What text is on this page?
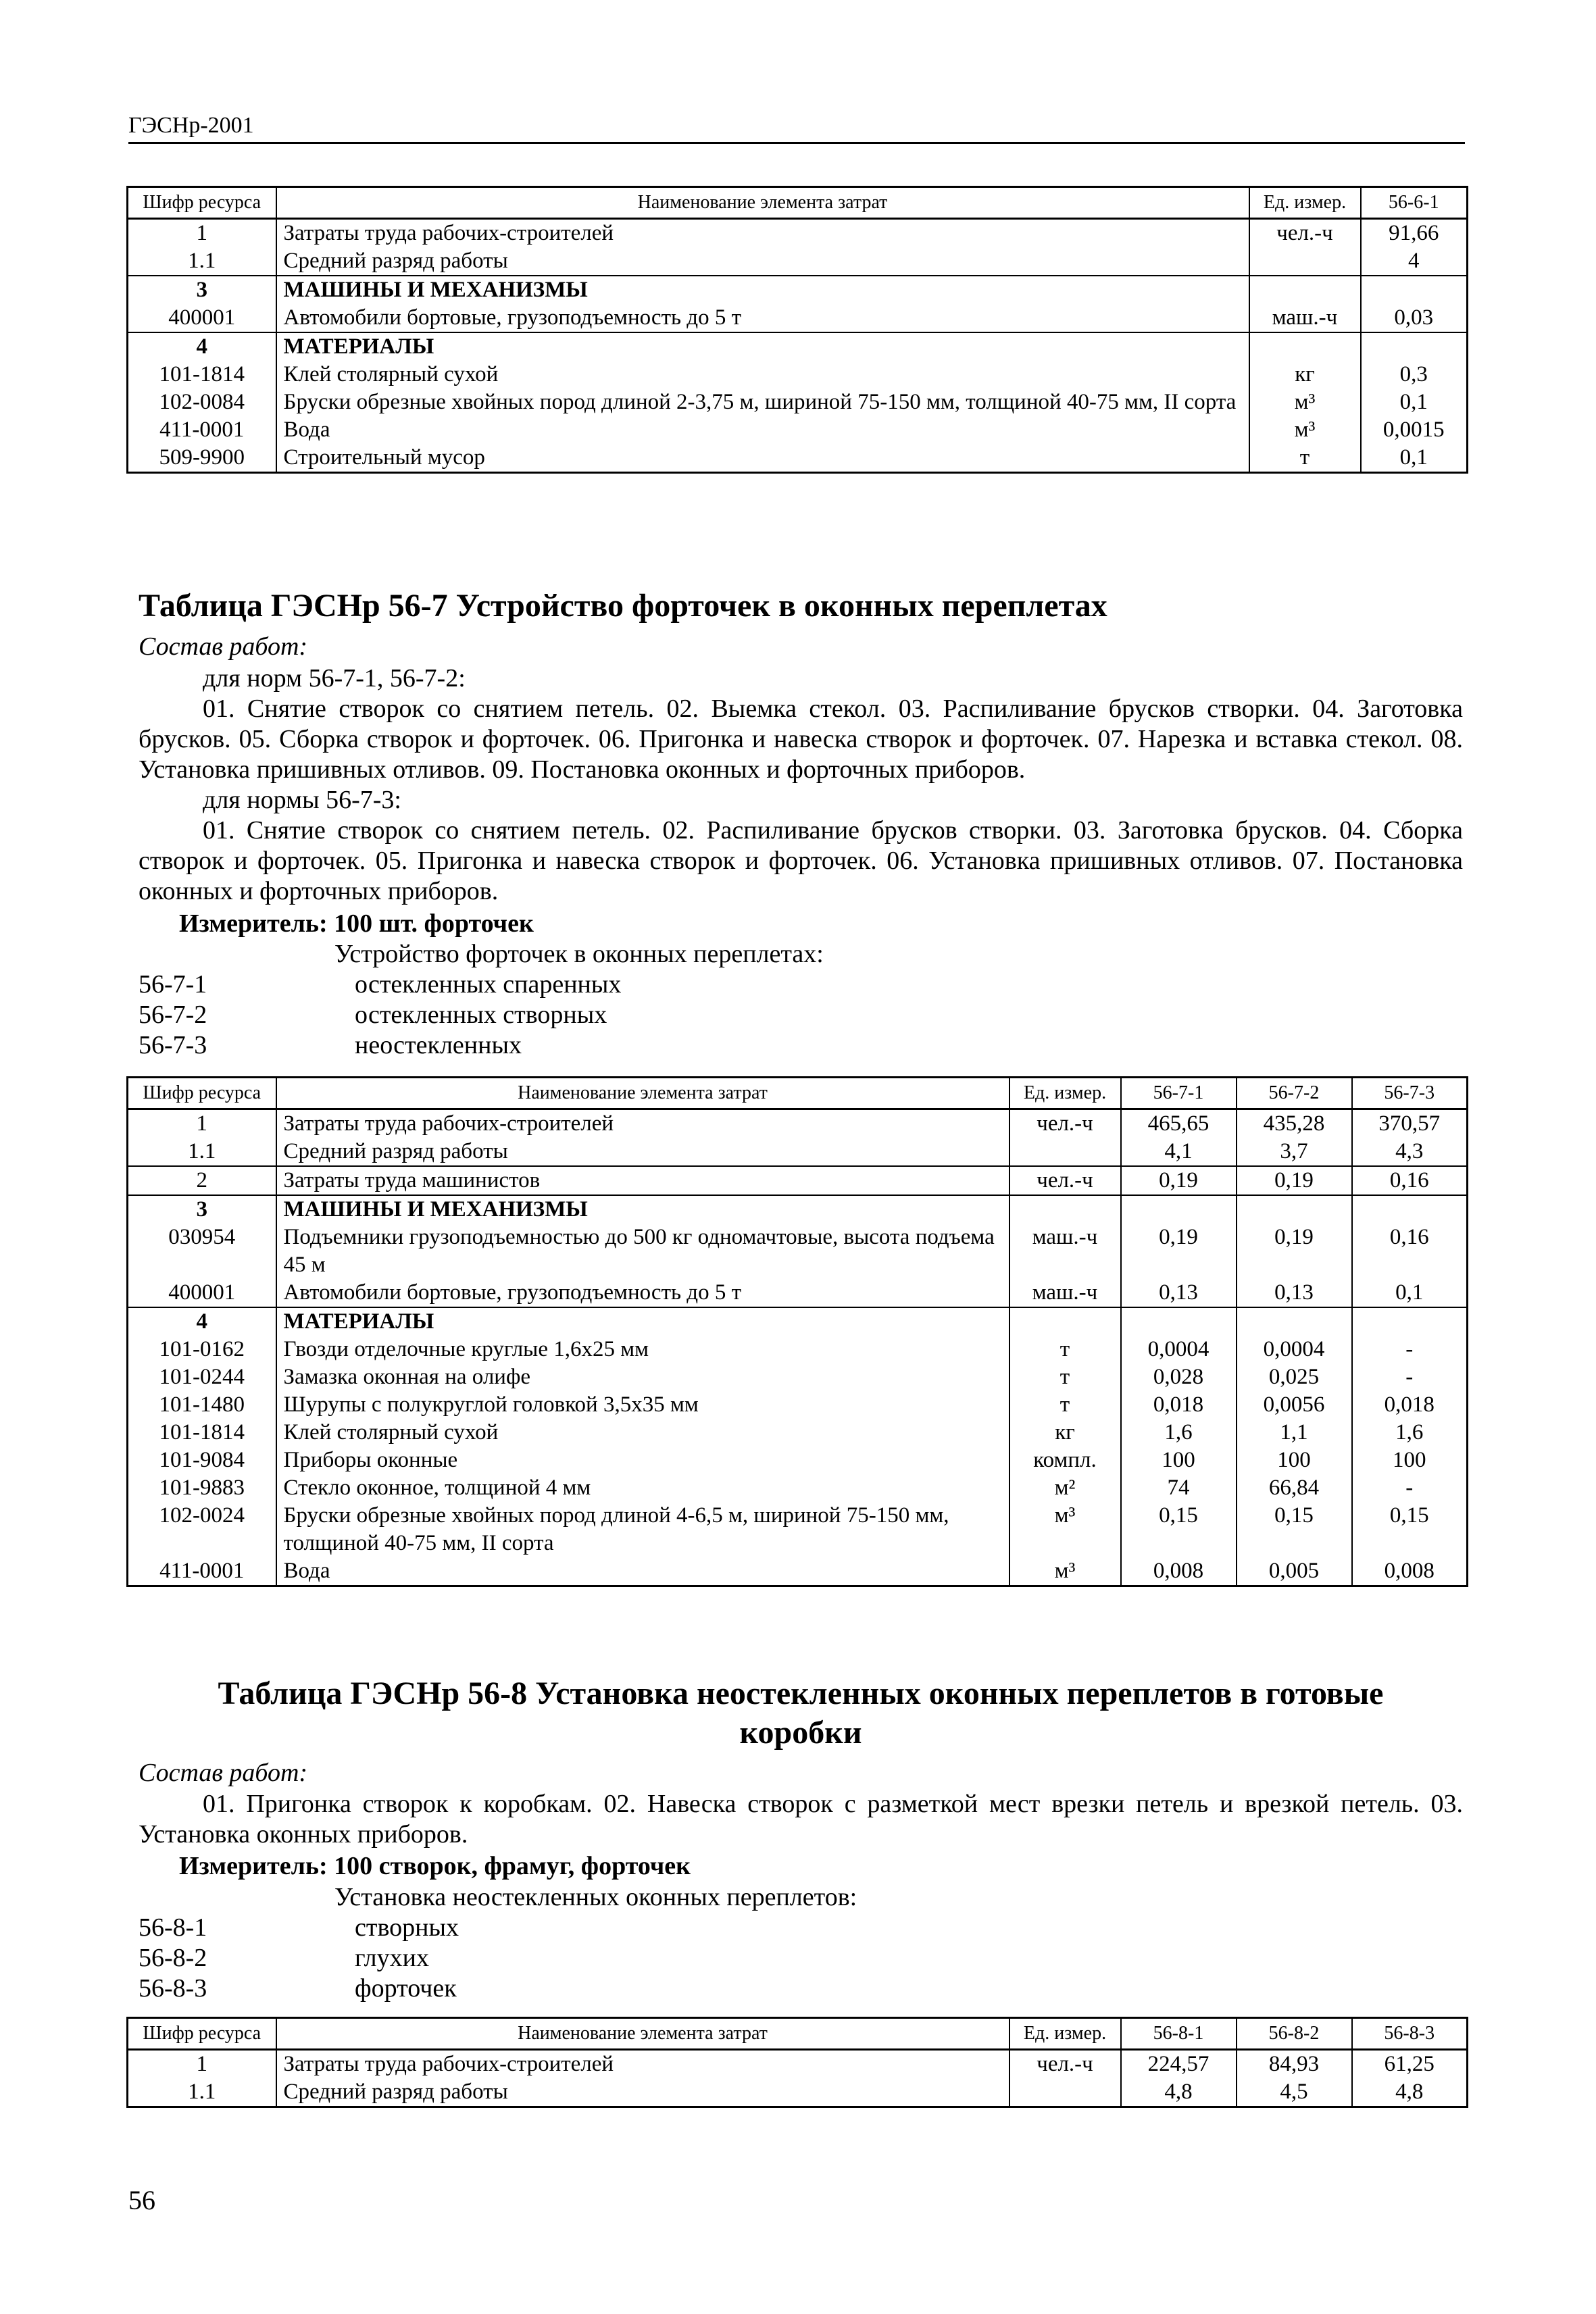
ГЭСНр-2001
Шифр ресурса	Наименование элемента затрат	Ед. измер.	56-6-1
1	Затраты труда рабочих-строителей	чел.-ч	91,66
1.1	Средний разряд работы		4
3	МАШИНЫ И МЕХАНИЗМЫ		
400001	Автомобили бортовые, грузоподъемность до 5 т	маш.-ч	0,03
4	МАТЕРИАЛЫ		
101-1814	Клей столярный сухой	кг	0,3
102-0084	Бруски обрезные хвойных пород длиной 2-3,75 м, шириной 75-150 мм, толщиной 40-75 мм, II сорта	м³	0,1
411-0001	Вода	м³	0,0015
509-9900	Строительный мусор	т	0,1
Таблица ГЭСНр 56-7 Устройство форточек в оконных переплетах
Состав работ:

для норм 56-7-1, 56-7-2:

01. Снятие створок со снятием петель. 02. Выемка стекол. 03. Распиливание брусков створки. 04. Заготовка брусков. 05. Сборка створок и форточек. 06. Пригонка и навеска створок и форточек. 07. Нарезка и вставка стекол. 08. Установка пришивных отливов. 09. Постановка оконных и форточных приборов.

для нормы 56-7-3:

01. Снятие створок со снятием петель. 02. Распиливание брусков створки. 03. Заготовка брусков. 04. Сборка створок и форточек. 05. Пригонка и навеска створок и форточек. 06. Установка пришивных отливов. 07. Постановка оконных и форточных приборов.

Измеритель: 100 шт. форточек
Устройство форточек в оконных переплетах:
56-7-1	остекленных спаренных
56-7-2	остекленных створных
56-7-3	неостекленных
Шифр ресурса	Наименование элемента затрат	Ед. измер.	56-7-1	56-7-2	56-7-3
1	Затраты труда рабочих-строителей	чел.-ч	465,65	435,28	370,57
1.1	Средний разряд работы		4,1	3,7	4,3
2	Затраты труда машинистов	чел.-ч	0,19	0,19	0,16
3	МАШИНЫ И МЕХАНИЗМЫ				
030954	Подъемники грузоподъемностью до 500 кг одномачтовые, высота подъема 45 м	маш.-ч	0,19	0,19	0,16
400001	Автомобили бортовые, грузоподъемность до 5 т	маш.-ч	0,13	0,13	0,1
4	МАТЕРИАЛЫ				
101-0162	Гвозди отделочные круглые 1,6x25 мм	т	0,0004	0,0004	-
101-0244	Замазка оконная на олифе	т	0,028	0,025	-
101-1480	Шурупы с полукруглой головкой 3,5x35 мм	т	0,018	0,0056	0,018
101-1814	Клей столярный сухой	кг	1,6	1,1	1,6
101-9084	Приборы оконные	компл.	100	100	100
101-9883	Стекло оконное, толщиной 4 мм	м²	74	66,84	-
102-0024	Бруски обрезные хвойных пород длиной 4-6,5 м, шириной 75-150 мм, толщиной 40-75 мм, II сорта	м³	0,15	0,15	0,15
411-0001	Вода	м³	0,008	0,005	0,008
Таблица ГЭСНр 56-8 Установка неостекленных оконных переплетов в готовые
коробки
Состав работ:

01. Пригонка створок к коробкам. 02. Навеска створок с разметкой мест врезки петель и врезкой петель. 03. Установка оконных приборов.

Измеритель: 100 створок, фрамуг, форточек
Установка неостекленных оконных переплетов:
56-8-1	створных
56-8-2	глухих
56-8-3	форточек
Шифр ресурса	Наименование элемента затрат	Ед. измер.	56-8-1	56-8-2	56-8-3
1	Затраты труда рабочих-строителей	чел.-ч	224,57	84,93	61,25
1.1	Средний разряд работы		4,8	4,5	4,8
56
